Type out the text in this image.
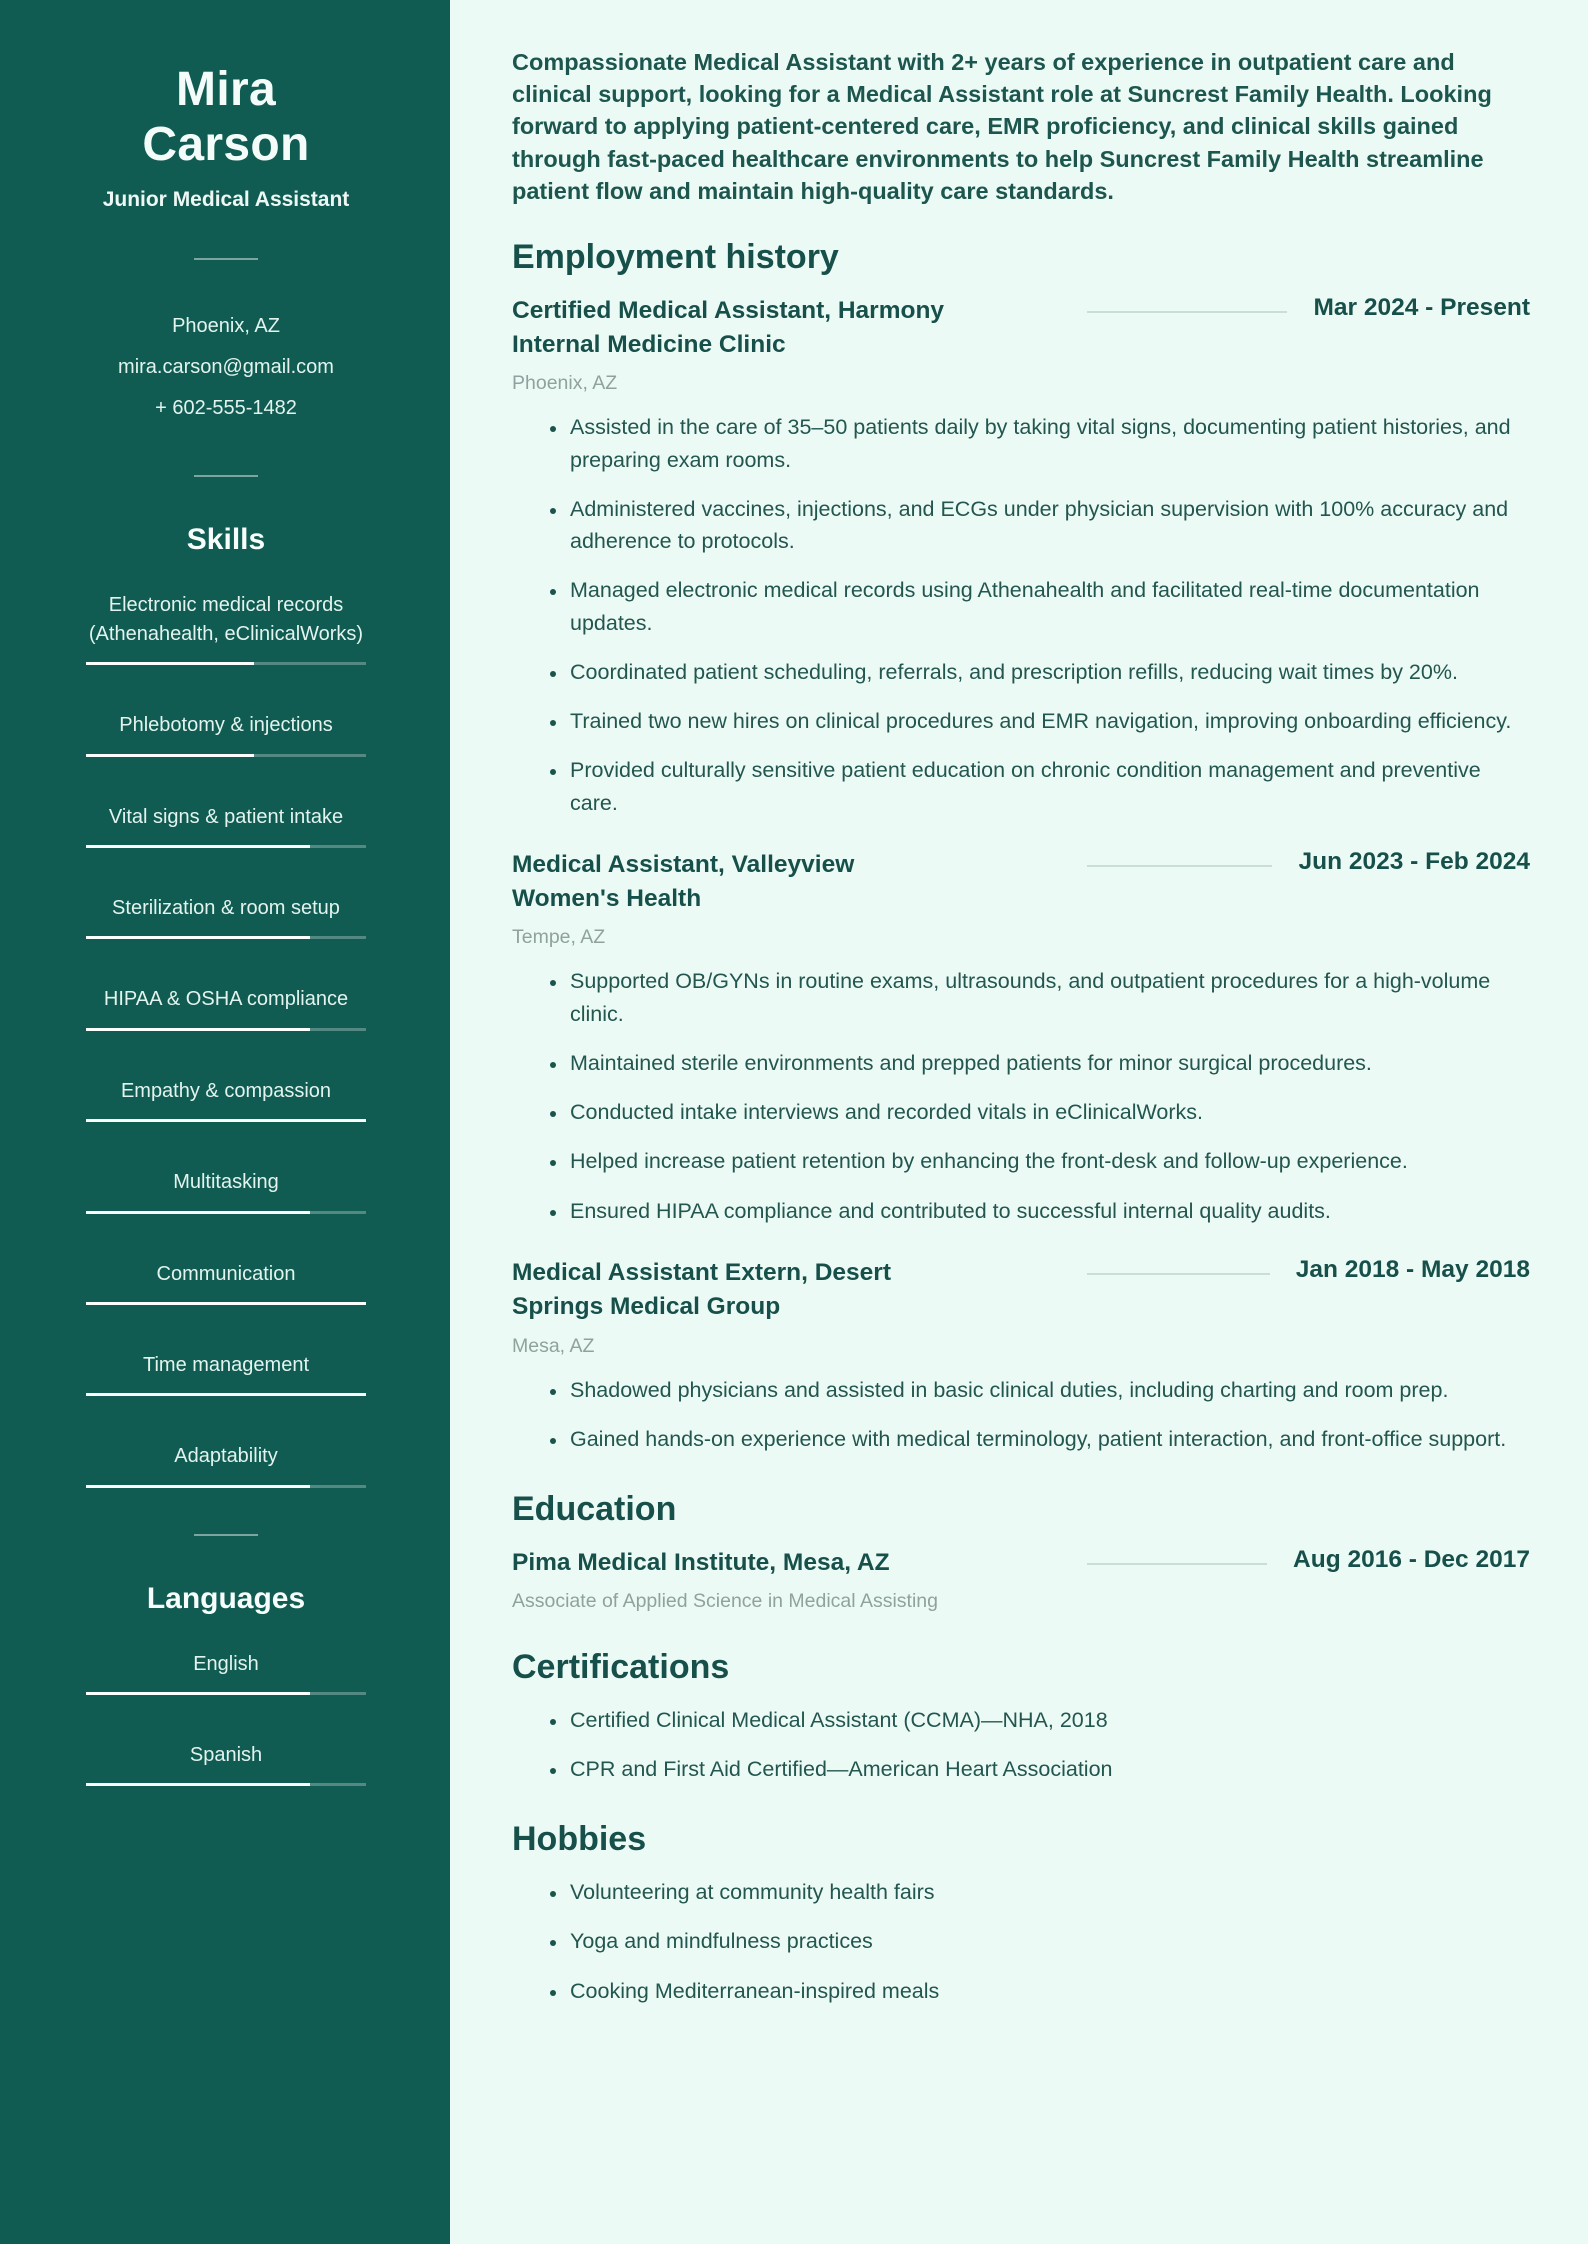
Mira Carson
Junior Medical Assistant
Phoenix, AZ
mira.carson@gmail.com
+ 602-555-1482
Skills
Electronic medical records (Athenahealth, eClinicalWorks)
Phlebotomy & injections
Vital signs & patient intake
Sterilization & room setup
HIPAA & OSHA compliance
Empathy & compassion
Multitasking
Communication
Time management
Adaptability
Languages
English
Spanish

Compassionate Medical Assistant with 2+ years of experience in outpatient care and clinical support, looking for a Medical Assistant role at Suncrest Family Health. Looking forward to applying patient-centered care, EMR proficiency, and clinical skills gained through fast-paced healthcare environments to help Suncrest Family Health streamline patient flow and maintain high-quality care standards.

Employment history
Certified Medical Assistant, Harmony Internal Medicine Clinic
Mar 2024 - Present
Phoenix, AZ
• Assisted in the care of 35–50 patients daily by taking vital signs, documenting patient histories, and preparing exam rooms.
• Administered vaccines, injections, and ECGs under physician supervision with 100% accuracy and adherence to protocols.
• Managed electronic medical records using Athenahealth and facilitated real-time documentation updates.
• Coordinated patient scheduling, referrals, and prescription refills, reducing wait times by 20%.
• Trained two new hires on clinical procedures and EMR navigation, improving onboarding efficiency.
• Provided culturally sensitive patient education on chronic condition management and preventive care.
Medical Assistant, Valleyview Women's Health
Jun 2023 - Feb 2024
Tempe, AZ
• Supported OB/GYNs in routine exams, ultrasounds, and outpatient procedures for a high-volume clinic.
• Maintained sterile environments and prepped patients for minor surgical procedures.
• Conducted intake interviews and recorded vitals in eClinicalWorks.
• Helped increase patient retention by enhancing the front-desk and follow-up experience.
• Ensured HIPAA compliance and contributed to successful internal quality audits.
Medical Assistant Extern, Desert Springs Medical Group
Jan 2018 - May 2018
Mesa, AZ
• Shadowed physicians and assisted in basic clinical duties, including charting and room prep.
• Gained hands-on experience with medical terminology, patient interaction, and front-office support.
Education
Pima Medical Institute, Mesa, AZ	Aug 2016 - Dec 2017
Associate of Applied Science in Medical Assisting
Certifications
• Certified Clinical Medical Assistant (CCMA)—NHA, 2018
• CPR and First Aid Certified—American Heart Association
Hobbies
• Volunteering at community health fairs
• Yoga and mindfulness practices
• Cooking Mediterranean-inspired meals
